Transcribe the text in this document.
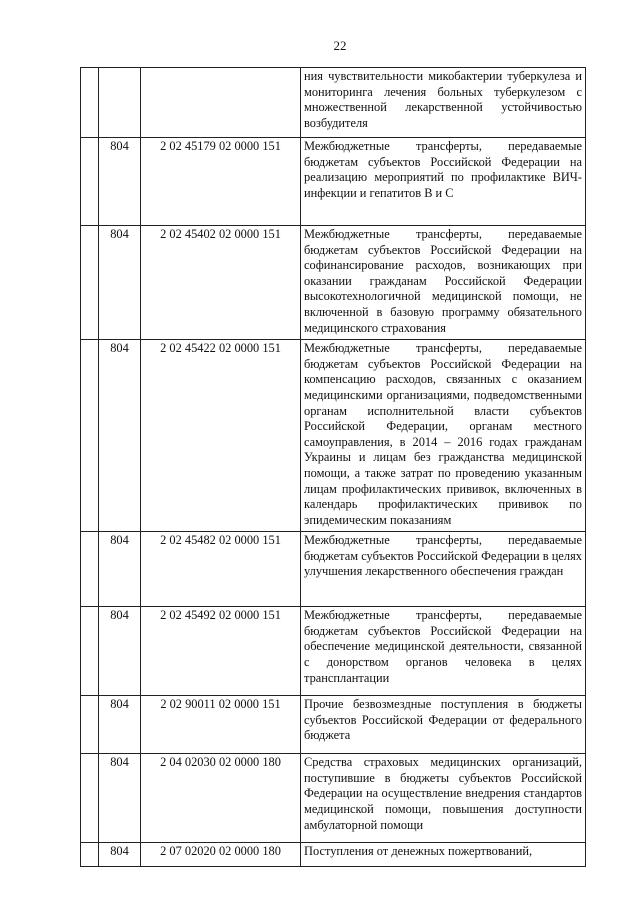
22
			ния чувствительности микобактерии туберкулеза и мониторинга лечения больных туберкулезом с множественной лекарственной устойчивостью возбудителя
	804	2 02 45179 02 0000 151	Межбюджетные трансферты, передаваемые бюджетам субъектов Российской Федерации на реализацию мероприятий по профилактике ВИЧ-инфекции и гепатитов В и С
	804	2 02 45402 02 0000 151	Межбюджетные трансферты, передаваемые бюджетам субъектов Российской Федерации на софинансирование расходов, возникающих при оказании гражданам Российской Федерации высокотехнологичной медицинской помощи, не включенной в базовую программу обязательного медицинского страхования
	804	2 02 45422 02 0000 151	Межбюджетные трансферты, передаваемые бюджетам субъектов Российской Федерации на компенсацию расходов, связанных с оказанием медицинскими организациями, подведомственными органам исполнительной власти субъектов Российской Федерации, органам местного самоуправления, в 2014 – 2016 годах гражданам Украины и лицам без гражданства медицинской помощи, а также затрат по проведению указанным лицам профилактических прививок, включенных в календарь профилактических прививок по эпидемическим показаниям
	804	2 02 45482 02 0000 151	Межбюджетные трансферты, передаваемые бюджетам субъектов Российской Федерации в целях улучшения лекарственного обеспечения граждан
	804	2 02 45492 02 0000 151	Межбюджетные трансферты, передаваемые бюджетам субъектов Российской Федерации на обеспечение медицинской деятельности, связанной с донорством органов человека в целях трансплантации
	804	2 02 90011 02 0000 151	Прочие безвозмездные поступления в бюджеты субъектов Российской Федерации от федерального бюджета
	804	2 04 02030 02 0000 180	Средства страховых медицинских организаций, поступившие в бюджеты субъектов Российской Федерации на осуществление внедрения стандартов медицинской помощи, повышения доступности амбулаторной помощи
	804	2 07 02020 02 0000 180	Поступления от денежных пожертвований,
